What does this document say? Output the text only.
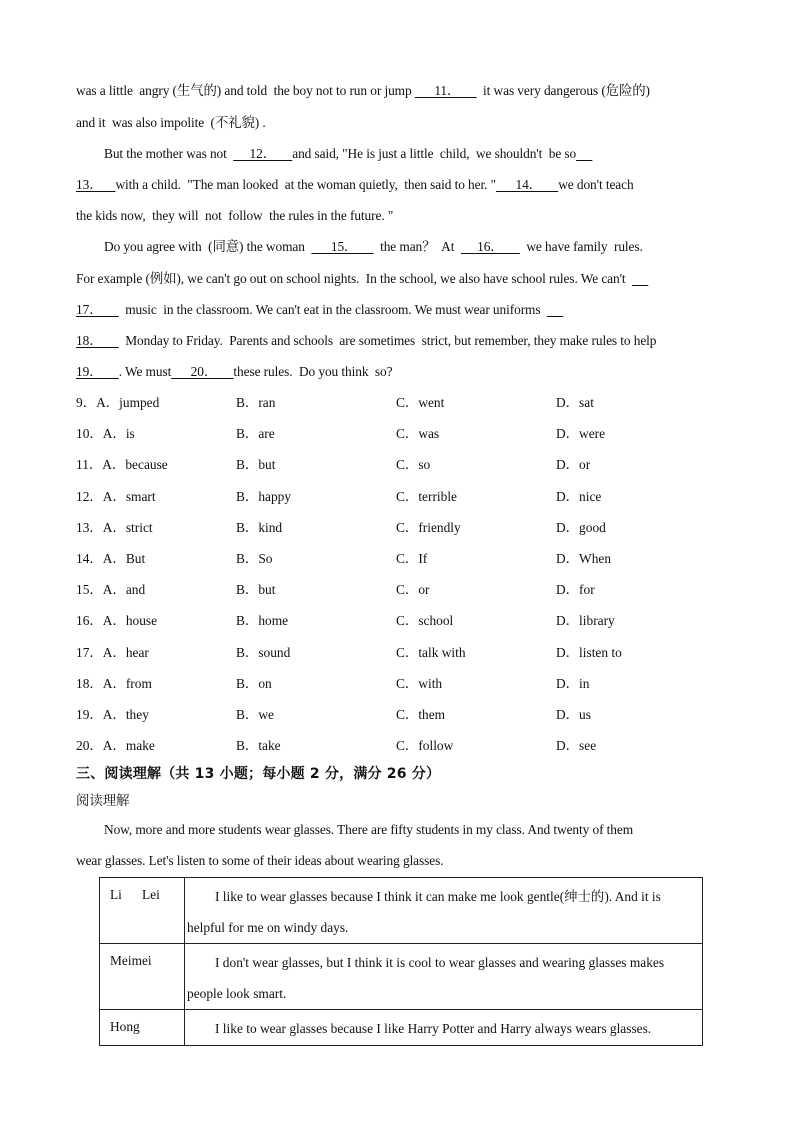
was a little  angry (生气的) and told  the boy not to run or jump       11．       it was very dangerous (危险的)
and it  was also impolite  (不礼貌) .
But the mother was not       12．     and said, "He is just a little  child,  we shouldn't  be so
13．    with a child.  "The man looked  at the woman quietly,  then said to her. "      14．     we don't teach
the kids now,  they will  not  follow  the rules in the future. "
Do you agree with  (同意) the woman        15．       the man？  At       16．       we have family  rules.
For example (例如), we can't go out on school nights.  In the school, we also have school rules. We can't
17．       music  in the classroom. We can't eat in the classroom. We must wear uniforms
18．       Monday to Friday.  Parents and schools  are sometimes  strict, but remember, they make rules to help
19．     . We must      20．     these rules.  Do you think  so?
9．A．jumped	B．ran	C．went	D．sat
10．A．is	B．are	C．was	D．were
11．A．because	B．but	C．so	D．or
12．A．smart	B．happy	C．terrible	D．nice
13．A．strict	B．kind	C．friendly	D．good
14．A．But	B．So	C．If	D．When
15．A．and	B．but	C．or	D．for
16．A．house	B．home	C．school	D．library
17．A．hear	B．sound	C．talk with	D．listen to
18．A．from	B．on	C．with	D．in
19．A．they	B．we	C．them	D．us
20．A．make	B．take	C．follow	D．see
三、阅读理解（共 13 小题；每小题 2 分，满分 26 分）
阅读理解
Now, more and more students wear glasses. There are fifty students in my class. And twenty of them
wear glasses. Let's listen to some of their ideas about wearing glasses.
Li      Lei	I like to wear glasses because I think it can make me look gentle(绅士的). And it is helpful for me on windy days.

Meimei	I don't wear glasses, but I think it is cool to wear glasses and wearing glasses makes people look smart.

Hong	I like to wear glasses because I like Harry Potter and Harry always wears glasses.
